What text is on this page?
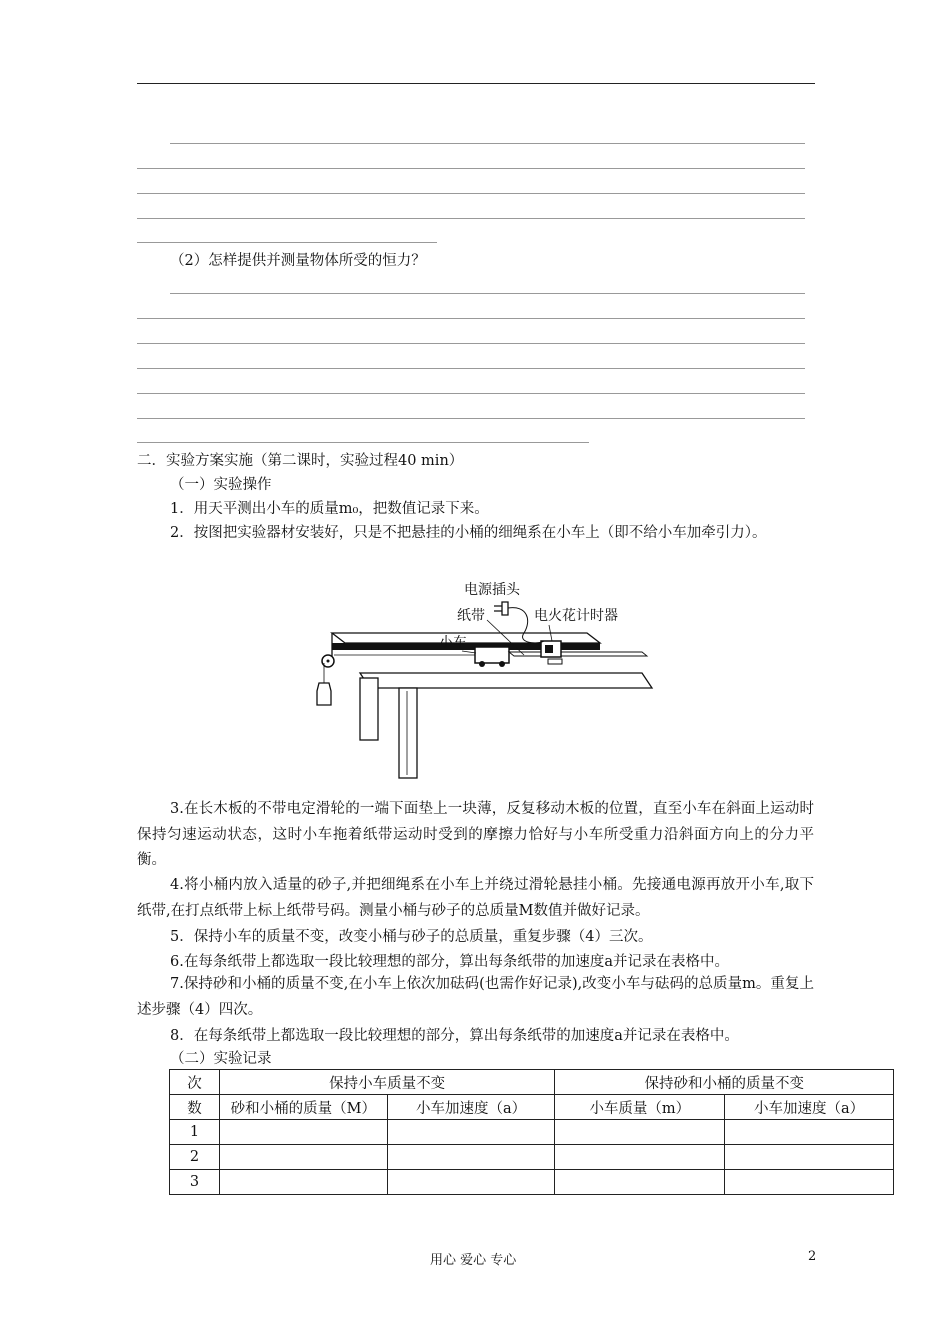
（2）怎样提供并测量物体所受的恒力？
二．实验方案实施（第二课时，实验过程40 min）
（一）实验操作
1．用天平测出小车的质量m₀，把数值记录下来。
2．按图把实验器材安装好，只是不把悬挂的小桶的细绳系在小车上（即不给小车加牵引力）。
电源插头
纸带	电火花计时器
小车
3.在长木板的不带电定滑轮的一端下面垫上一块薄，反复移动木板的位置，直至小车在斜面上运动时保持匀速运动状态，这时小车拖着纸带运动时受到的摩擦力恰好与小车所受重力沿斜面方向上的分力平衡。
4.将小桶内放入适量的砂子,并把细绳系在小车上并绕过滑轮悬挂小桶。先接通电源再放开小车,取下纸带,在打点纸带上标上纸带号码。测量小桶与砂子的总质量M数值并做好记录。
5．保持小车的质量不变，改变小桶与砂子的总质量，重复步骤（4）三次。
6.在每条纸带上都选取一段比较理想的部分，算出每条纸带的加速度a并记录在表格中。
7.保持砂和小桶的质量不变,在小车上依次加砝码(也需作好记录),改变小车与砝码的总质量m。重复上述步骤（4）四次。
8．在每条纸带上都选取一段比较理想的部分，算出每条纸带的加速度a并记录在表格中。
（二）实验记录
次	保持小车质量不变		保持砂和小桶的质量不变	
数	砂和小桶的质量（M）	小车加速度（a）	小车质量（m）	小车加速度（a）
1				
2				
3				
用心 爱心 专心	2
